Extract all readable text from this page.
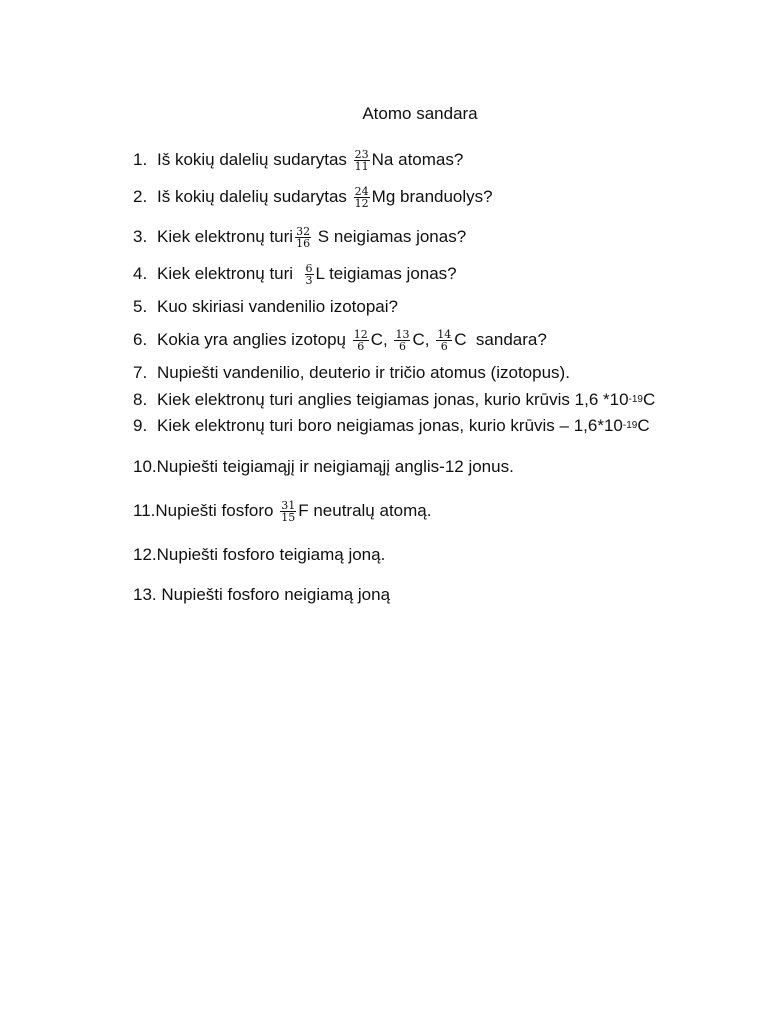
Atomo sandara
1. Iš kokių dalelių sudarytas $\frac{23}{11}$ Na atomas?
2. Iš kokių dalelių sudarytas $\frac{24}{12}$ Mg branduolys?
3. Kiek elektronų turi $\frac{32}{16}$ S neigiamas jonas?
4. Kiek elektronų turi $\frac{6}{3}$ L teigiamas jonas?
5. Kuo skiriasi vandenilio izotopai?
6. Kokia yra anglies izotopų $\frac{12}{6} C$, $\frac{13}{6} C$, $\frac{14}{6}$ C  sandara?
7. Nupiešti vandenilio, deuterio ir tričio atomus (izotopus).
8. Kiek elektronų turi anglies teigiamas jonas, kurio krūvis 1,6 *10 -19 C
9. Kiek elektronų turi boro neigiamas jonas, kurio krūvis – 1,6*10 -19 C
10. Nupiešti teigiamąjį ir neigiamąjį anglis-12 jonus.
11. Nupiešti fosforo $\frac{31}{15}$ F neutralų atomą.
12. Nupiešti fosforo teigiamą joną.
13. Nupiešti fosforo neigiamą joną
